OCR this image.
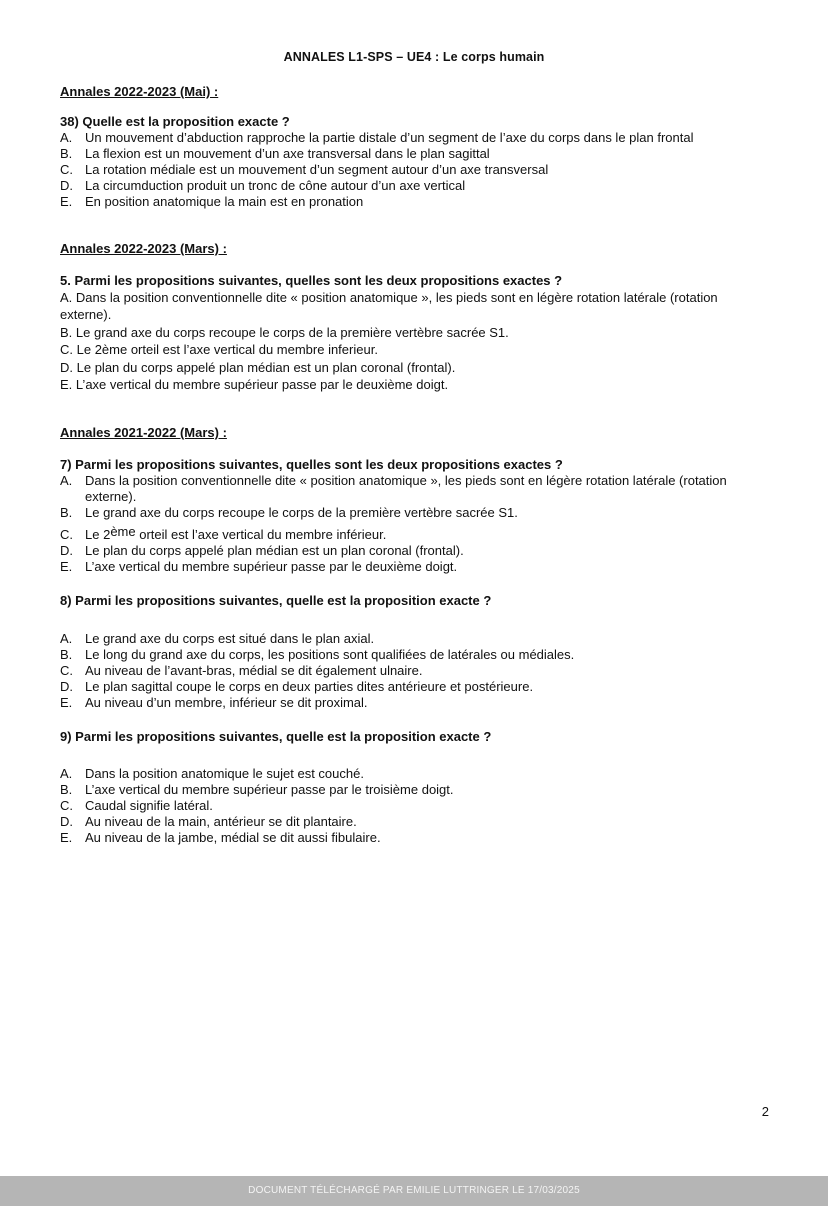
ANNALES L1-SPS – UE4 : Le corps humain

Annales 2022-2023 (Mai) :

38) Quelle est la proposition exacte ?

A. Un mouvement d’abduction rapproche la partie distale d’un segment de l’axe du corps dans le plan frontal
B. La flexion est un mouvement d’un axe transversal dans le plan sagittal
C. La rotation médiale est un mouvement d’un segment autour d’un axe transversal
D. La circumduction produit un tronc de cône autour d’un axe vertical
E. En position anatomique la main est en pronation

Annales 2022-2023 (Mars) :

5. Parmi les propositions suivantes, quelles sont les deux propositions exactes ?

A. Dans la position conventionnelle dite « position anatomique », les pieds sont en légère rotation latérale (rotation externe).
B. Le grand axe du corps recoupe le corps de la première vertèbre sacrée S1.
C. Le 2ème orteil est l’axe vertical du membre inferieur.
D. Le plan du corps appelé plan médian est un plan coronal (frontal).
E. L’axe vertical du membre supérieur passe par le deuxième doigt.

Annales 2021-2022 (Mars) :

7) Parmi les propositions suivantes, quelles sont les deux propositions exactes ?

A. Dans la position conventionnelle dite « position anatomique », les pieds sont en légère rotation latérale (rotation externe).
B. Le grand axe du corps recoupe le corps de la première vertèbre sacrée S1.
C. Le 2ème orteil est l’axe vertical du membre inférieur.
D. Le plan du corps appelé plan médian est un plan coronal (frontal).
E. L’axe vertical du membre supérieur passe par le deuxième doigt.

8) Parmi les propositions suivantes, quelle est la proposition exacte ?

A. Le grand axe du corps est situé dans le plan axial.
B. Le long du grand axe du corps, les positions sont qualifiées de latérales ou médiales.
C. Au niveau de l’avant-bras, médial se dit également ulnaire.
D. Le plan sagittal coupe le corps en deux parties dites antérieure et postérieure.
E. Au niveau d’un membre, inférieur se dit proximal.

9) Parmi les propositions suivantes, quelle est la proposition exacte ?

A. Dans la position anatomique le sujet est couché.
B. L’axe vertical du membre supérieur passe par le troisième doigt.
C. Caudal signifie latéral.
D. Au niveau de la main, antérieur se dit plantaire.
E. Au niveau de la jambe, médial se dit aussi fibulaire.
2
DOCUMENT TÉLÉCHARGÉ PAR EMILIE LUTTRINGER LE 17/03/2025
